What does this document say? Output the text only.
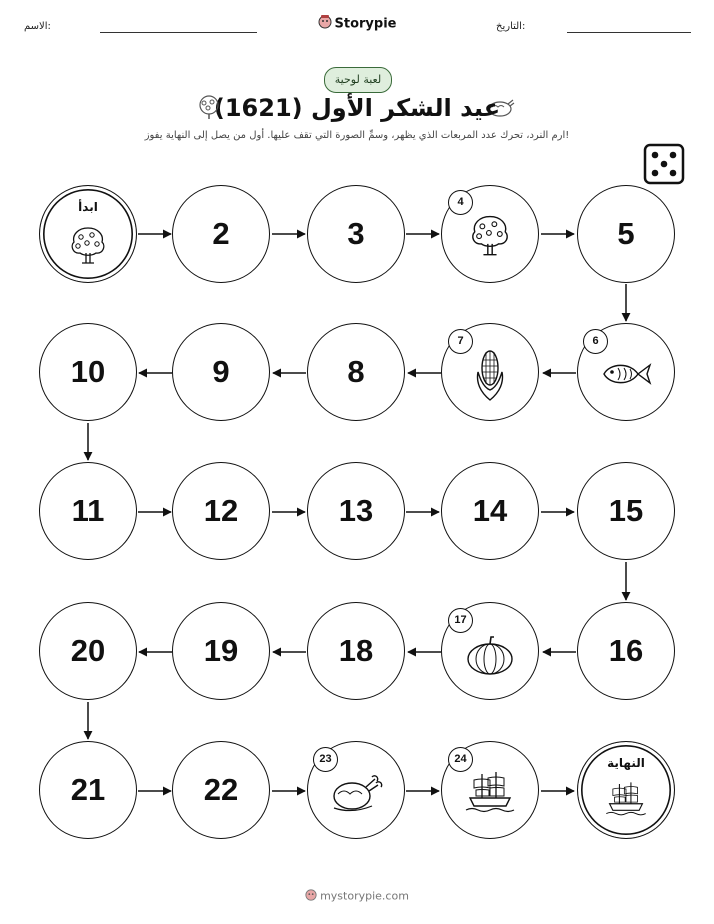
الاسم:	Storypie	التاريخ:
لعبة لوحية
عيد الشكر الأول (1621)
ارم النرد، تحرك عدد المربعات الذي يظهر، وسمِّ الصورة التي تقف عليها. أول من يصل إلى النهاية يفوز!
ابدأ
2	3
4
5
6
7
8
9
10
11	12	13	14	15
16
17
18
19
20
21	22
23	24	النهاية
mystorypie.com
